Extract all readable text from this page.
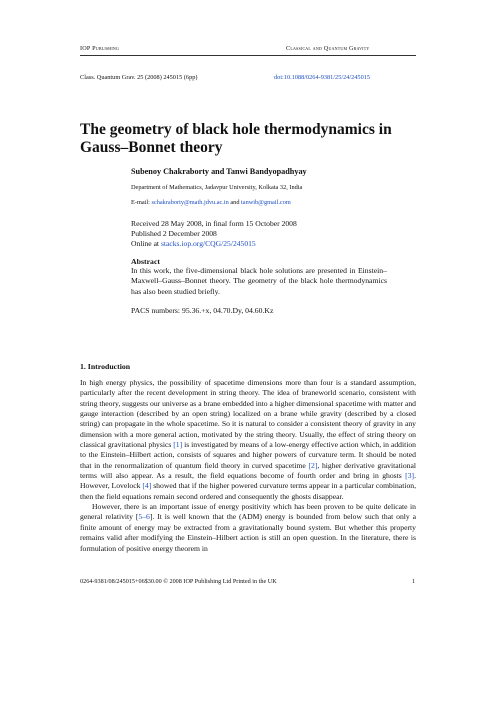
IOP Publishing	Classical and Quantum Gravity
Class. Quantum Grav. 25 (2008) 245015 (6pp)	doi:10.1088/0264-9381/25/24/245015
The geometry of black hole thermodynamics in Gauss–Bonnet theory
Subenoy Chakraborty and Tanwi Bandyopadhyay
Department of Mathematics, Jadavpur University, Kolkata 32, India
E-mail: schakraborty@math.jdvu.ac.in and tanwib@gmail.com
Received 28 May 2008, in final form 15 October 2008
Published 2 December 2008
Online at stacks.iop.org/CQG/25/245015
Abstract
In this work, the five-dimensional black hole solutions are presented in Einstein–Maxwell–Gauss–Bonnet theory. The geometry of the black hole thermodynamics has also been studied briefly.
PACS numbers: 95.36.+x, 04.70.Dy, 04.60.Kz
1. Introduction

In high energy physics, the possibility of spacetime dimensions more than four is a standard assumption, particularly after the recent development in string theory. The idea of braneworld scenario, consistent with string theory, suggests our universe as a brane embedded into a higher dimensional spacetime with matter and gauge interaction (described by an open string) localized on a brane while gravity (described by a closed string) can propagate in the whole spacetime. So it is natural to consider a consistent theory of gravity in any dimension with a more general action, motivated by the string theory. Usually, the effect of string theory on classical gravitational physics [1] is investigated by means of a low-energy effective action which, in addition to the Einstein–Hilbert action, consists of squares and higher powers of curvature term. It should be noted that in the renormalization of quantum field theory in curved spacetime [2], higher derivative gravitational terms will also appear. As a result, the field equations become of fourth order and bring in ghosts [3]. However, Lovelock [4] showed that if the higher powered curvature terms appear in a particular combination, then the field equations remain second ordered and consequently the ghosts disappear.

However, there is an important issue of energy positivity which has been proven to be quite delicate in general relativity [5–6]. It is well known that the (ADM) energy is bounded from below such that only a finite amount of energy may be extracted from a gravitationally bound system. But whether this property remains valid after modifying the Einstein–Hilbert action is still an open question. In the literature, there is formulation of positive energy theorem in

0264-9381/08/245015+06$30.00 © 2008 IOP Publishing Ltd Printed in the UK	1
